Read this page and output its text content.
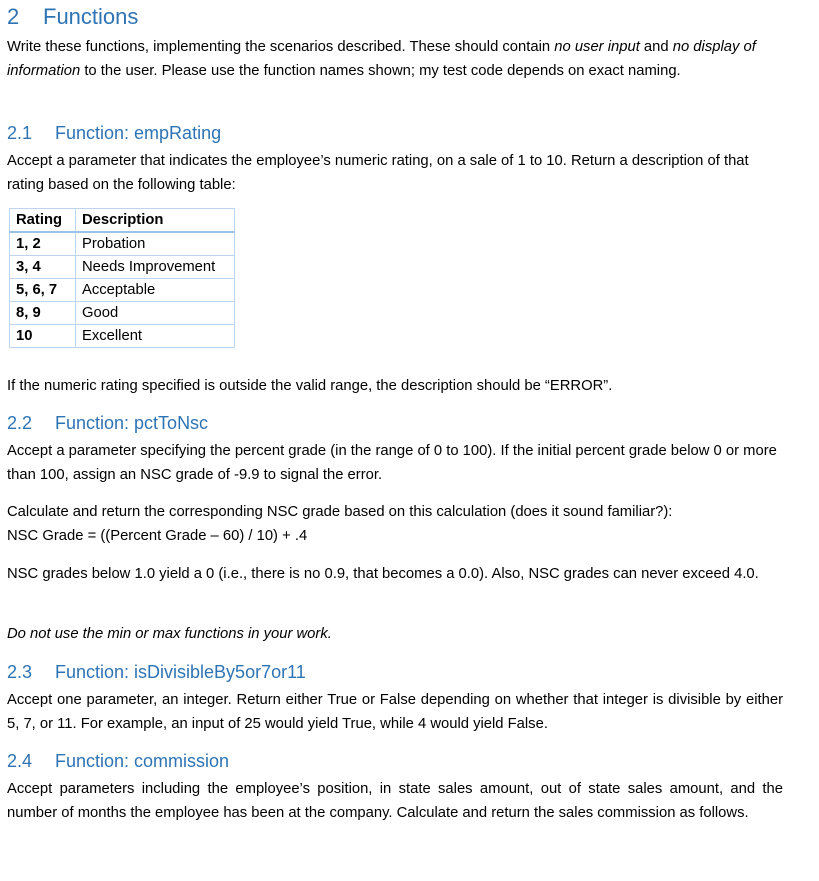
2 Functions
Write these functions, implementing the scenarios described. These should contain no user input and no display of information to the user. Please use the function names shown; my test code depends on exact naming.
2.1 Function: empRating
Accept a parameter that indicates the employee’s numeric rating, on a sale of 1 to 10. Return a description of that rating based on the following table:
Rating	Description
1, 2	Probation
3, 4	Needs Improvement
5, 6, 7	Acceptable
8, 9	Good
10	Excellent
If the numeric rating specified is outside the valid range, the description should be “ERROR”.
2.2 Function: pctToNsc
Accept a parameter specifying the percent grade (in the range of 0 to 100). If the initial percent grade below 0 or more than 100, assign an NSC grade of -9.9 to signal the error.
Calculate and return the corresponding NSC grade based on this calculation (does it sound familiar?):
NSC Grade = ((Percent Grade – 60) / 10) + .4
NSC grades below 1.0 yield a 0 (i.e., there is no 0.9, that becomes a 0.0). Also, NSC grades can never exceed 4.0.
Do not use the min or max functions in your work.
2.3 Function: isDivisibleBy5or7or11
Accept one parameter, an integer. Return either True or False depending on whether that integer is divisible by either 5, 7, or 11. For example, an input of 25 would yield True, while 4 would yield False.
2.4 Function: commission
Accept parameters including the employee’s position, in state sales amount, out of state sales amount, and the number of months the employee has been at the company. Calculate and return the sales commission as follows.
